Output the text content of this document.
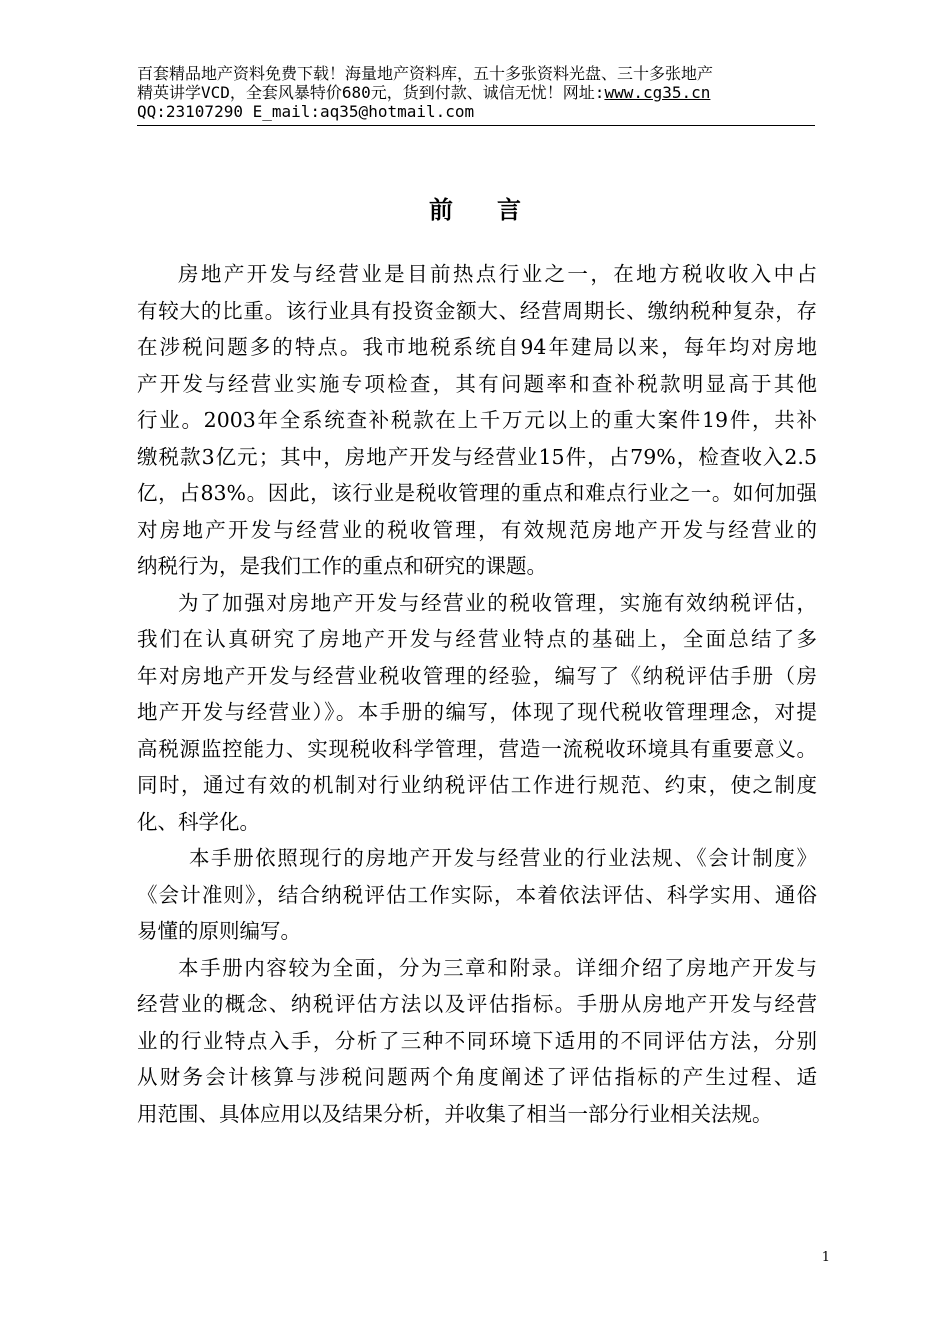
百套精品地产资料免费下载！海量地产资料库，五十多张资料光盘、三十多张地产
精英讲学VCD，全套风暴特价680元，货到付款、诚信无忧！网址:www.cg35.cn
QQ:23107290 E_mail:aq35@hotmail.com
前言
房地产开发与经营业是目前热点行业之一，在地方税收收入中占
有较大的比重。该行业具有投资金额大、经营周期长、缴纳税种复杂，存
在涉税问题多的特点。我市地税系统自94年建局以来，每年均对房地
产开发与经营业实施专项检查，其有问题率和查补税款明显高于其他
行业。2003年全系统查补税款在上千万元以上的重大案件19件，共补
缴税款3亿元；其中，房地产开发与经营业15件，占79%，检查收入2.5
亿，占83%。因此，该行业是税收管理的重点和难点行业之一。如何加强
对房地产开发与经营业的税收管理，有效规范房地产开发与经营业的
纳税行为，是我们工作的重点和研究的课题。
为了加强对房地产开发与经营业的税收管理，实施有效纳税评估，
我们在认真研究了房地产开发与经营业特点的基础上，全面总结了多
年对房地产开发与经营业税收管理的经验，编写了《纳税评估手册（房
地产开发与经营业）》。本手册的编写，体现了现代税收管理理念，对提
高税源监控能力、实现税收科学管理，营造一流税收环境具有重要意义。
同时，通过有效的机制对行业纳税评估工作进行规范、约束，使之制度
化、科学化。
本手册依照现行的房地产开发与经营业的行业法规、《会计制度》
《会计准则》，结合纳税评估工作实际，本着依法评估、科学实用、通俗
易懂的原则编写。
本手册内容较为全面，分为三章和附录。详细介绍了房地产开发与
经营业的概念、纳税评估方法以及评估指标。手册从房地产开发与经营
业的行业特点入手，分析了三种不同环境下适用的不同评估方法，分别
从财务会计核算与涉税问题两个角度阐述了评估指标的产生过程、适
用范围、具体应用以及结果分析，并收集了相当一部分行业相关法规。
1
